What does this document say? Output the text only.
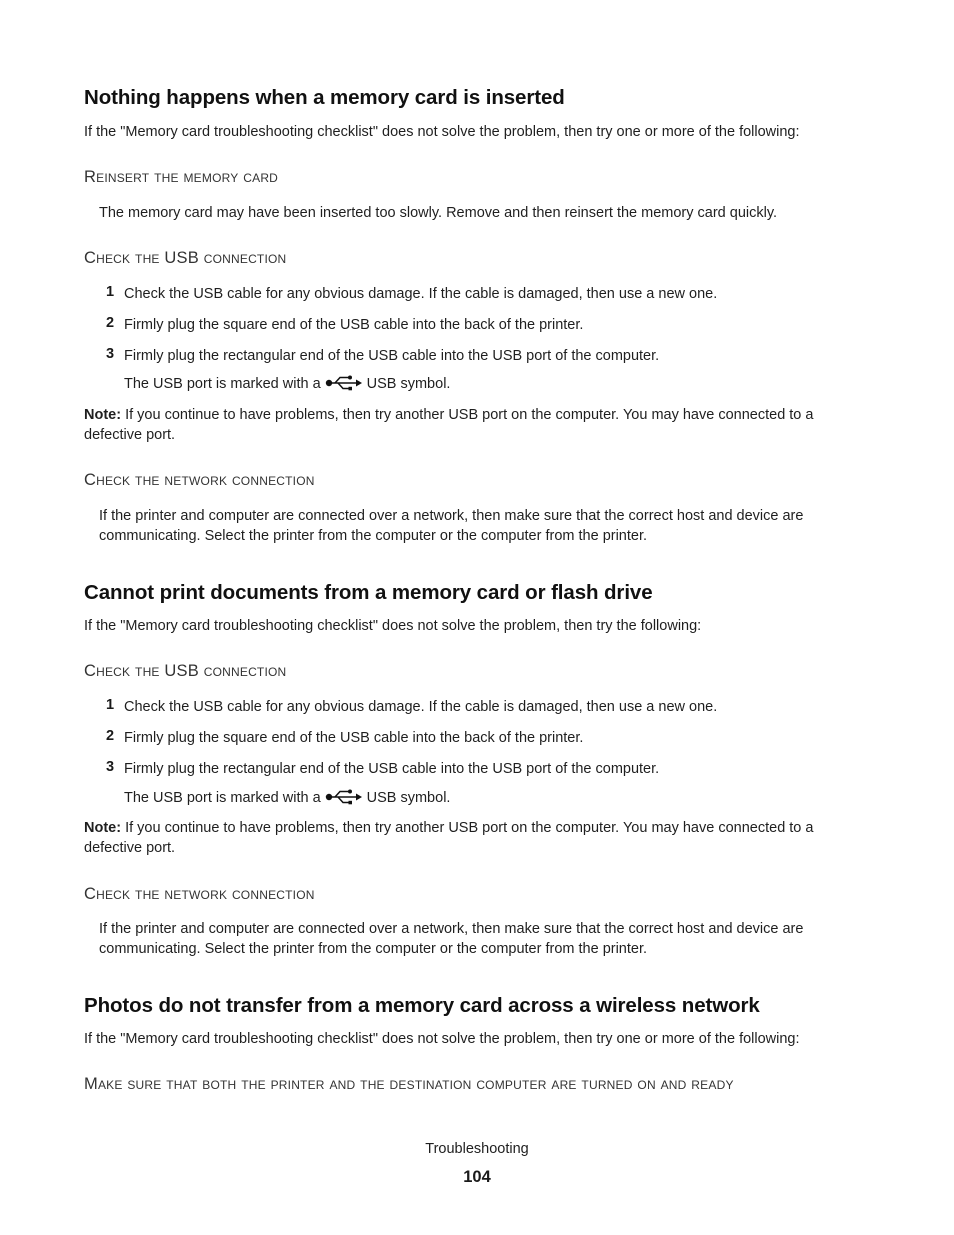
Nothing happens when a memory card is inserted
If the "Memory card troubleshooting checklist" does not solve the problem, then try one or more of the following:
Reinsert the memory card
The memory card may have been inserted too slowly. Remove and then reinsert the memory card quickly.
Check the USB connection
1 Check the USB cable for any obvious damage. If the cable is damaged, then use a new one.
2 Firmly plug the square end of the USB cable into the back of the printer.
3 Firmly plug the rectangular end of the USB cable into the USB port of the computer.
The USB port is marked with a	USB symbol.
Note: If you continue to have problems, then try another USB port on the computer. You may have connected to a defective port.
Check the network connection
If the printer and computer are connected over a network, then make sure that the correct host and device are communicating. Select the printer from the computer or the computer from the printer.
Cannot print documents from a memory card or flash drive
If the "Memory card troubleshooting checklist" does not solve the problem, then try the following:
Check the USB connection
1 Check the USB cable for any obvious damage. If the cable is damaged, then use a new one.
2 Firmly plug the square end of the USB cable into the back of the printer.
3 Firmly plug the rectangular end of the USB cable into the USB port of the computer.
The USB port is marked with a	USB symbol.
Note: If you continue to have problems, then try another USB port on the computer. You may have connected to a defective port.
Check the network connection
If the printer and computer are connected over a network, then make sure that the correct host and device are communicating. Select the printer from the computer or the computer from the printer.
Photos do not transfer from a memory card across a wireless network
If the "Memory card troubleshooting checklist" does not solve the problem, then try one or more of the following:
Make sure that both the printer and the destination computer are turned on and ready
Troubleshooting
104
